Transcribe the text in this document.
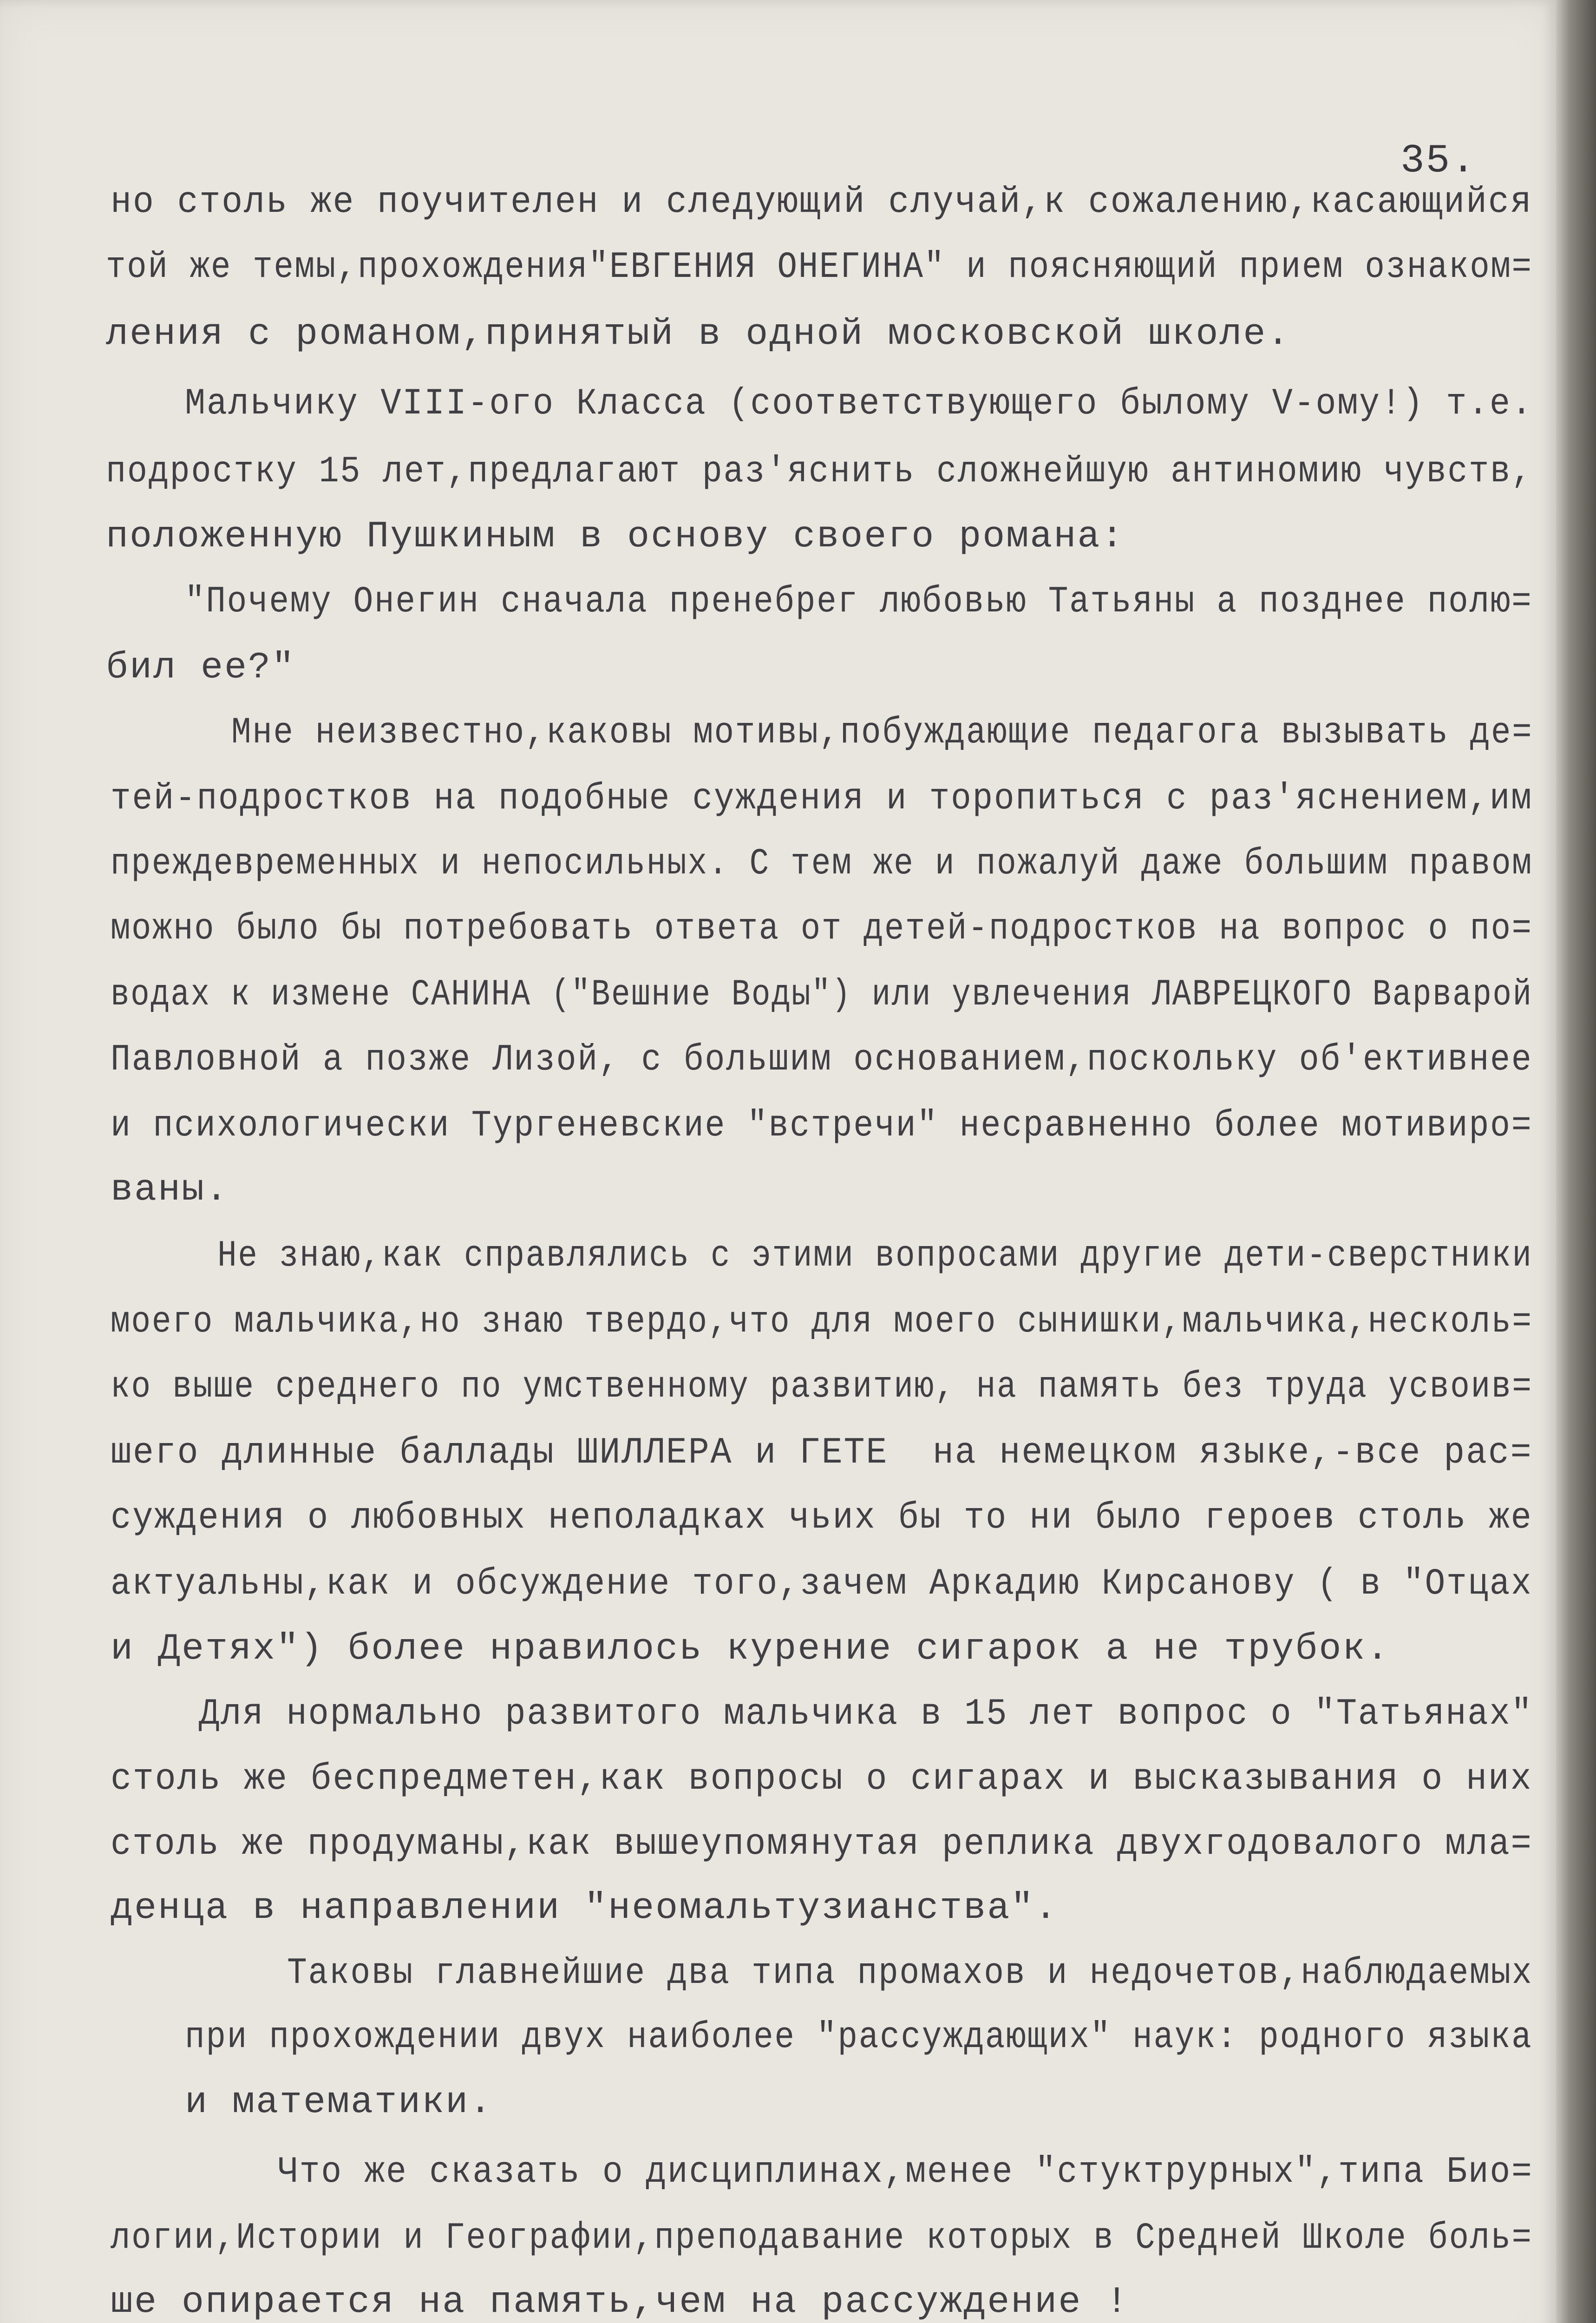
35.
но столь же поучителен и следующий случай,к сожалению,касающийся
той же темы,прохождения"ЕВГЕНИЯ ОНЕГИНА" и поясняющий прием ознаком=
ления с романом,принятый в одной московской школе.
Мальчику VIII-ого Класса (соответствующего былому V-ому!) т.е.
подростку 15 лет,предлагают раз'яснить сложнейшую антиномию чувств,
положенную Пушкиным в основу своего романа:
"Почему Онегин сначала пренебрег любовью Татьяны а позднее полю=
бил ее?"
Мне неизвестно,каковы мотивы,побуждающие педагога вызывать де=
тей-подростков на подобные суждения и торопиться с раз'яснением,им
преждевременных и непосильных. С тем же и пожалуй даже большим правом
можно было бы потребовать ответа от детей-подростков на вопрос о по=
водах к измене САНИНА ("Вешние Воды") или увлечения ЛАВРЕЦКОГО Варварой
Павловной а позже Лизой, с большим основанием,поскольку об'ективнее
и психологически Тургеневские "встречи" несравненно более мотивиро=
ваны.
Не знаю,как справлялись с этими вопросами другие дети-сверстники
моего мальчика,но знаю твердо,что для моего сынишки,мальчика,несколь=
ко выше среднего по умственному развитию, на память без труда усвоив=
шего длинные баллады ШИЛЛЕРА и ГЕТЕ  на немецком языке,-все рас=
суждения о любовных неполадках чьих бы то ни было героев столь же
актуальны,как и обсуждение того,зачем Аркадию Кирсанову ( в "Отцах
и Детях") более нравилось курение сигарок а не трубок.
Для нормально развитого мальчика в 15 лет вопрос о "Татьянах"
столь же беспредметен,как вопросы о сигарах и высказывания о них
столь же продуманы,как вышеупомянутая реплика двухгодовалого мла=
денца в направлении "неомальтузианства".
Таковы главнейшие два типа промахов и недочетов,наблюдаемых
при прохождении двух наиболее "рассуждающих" наук: родного языка
и математики.
Что же сказать о дисциплинах,менее "стуктрурных",типа Био=
логии,Истории и Географии,преподавание которых в Средней Школе боль=
ше опирается на память,чем на рассуждение !
